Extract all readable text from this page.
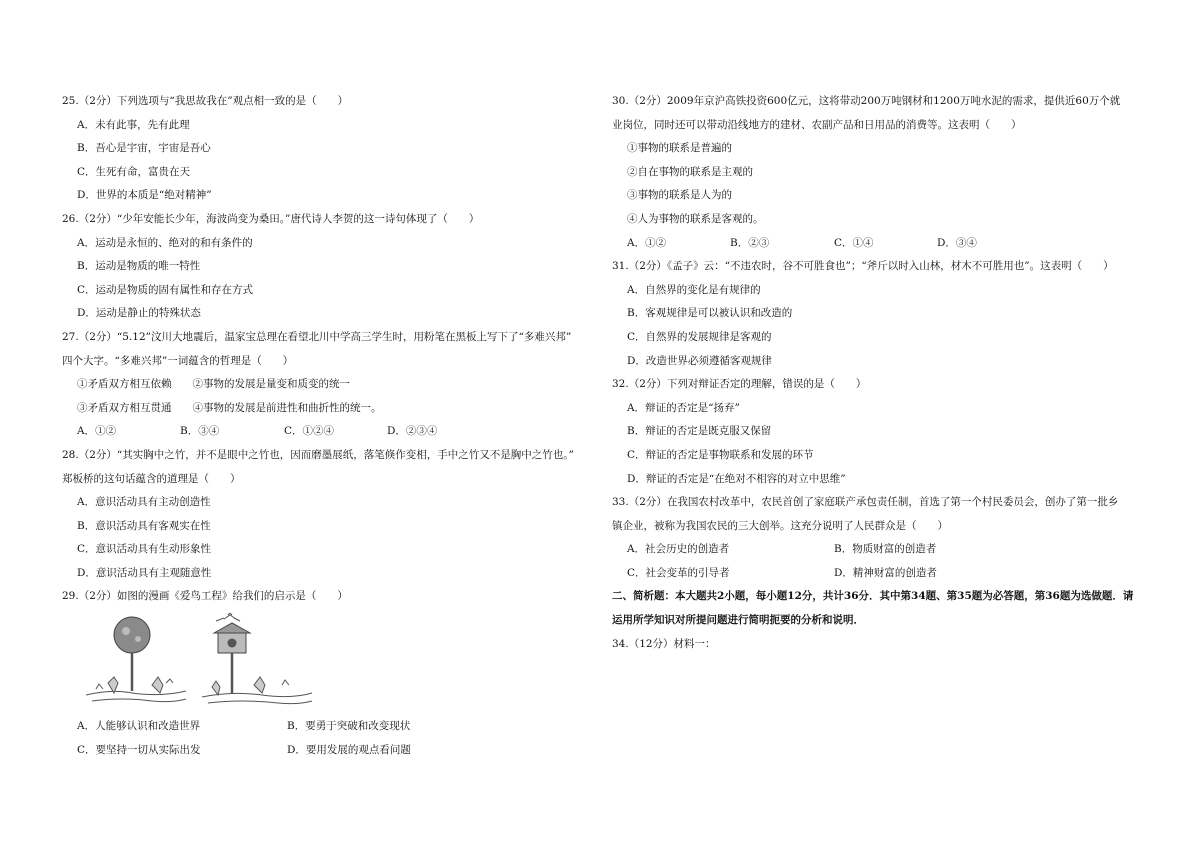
25.（2分）下列选项与“我思故我在”观点相一致的是（　　）
A．未有此事，先有此理
B．吾心是宇宙，宇宙是吾心
C．生死有命，富贵在天
D．世界的本质是“绝对精神”
26.（2分）“少年安能长少年，海波尚变为桑田。”唐代诗人李贺的这一诗句体现了（　　）
A．运动是永恒的、绝对的和有条件的
B．运动是物质的唯一特性
C．运动是物质的固有属性和存在方式
D．运动是静止的特殊状态
27.（2分）“5.12”汶川大地震后，温家宝总理在看望北川中学高三学生时，用粉笔在黑板上写下了“多难兴邦”
四个大字。“多难兴邦”一词蕴含的哲理是（　　）
①矛盾双方相互依赖　　②事物的发展是量变和质变的统一
③矛盾双方相互贯通　　④事物的发展是前进性和曲折性的统一。
A．①②	B．③④	C．①②④	D．②③④
28.（2分）“其实胸中之竹，并不是眼中之竹也，因而磨墨展纸，落笔倏作变相，手中之竹又不是胸中之竹也。”
郑板桥的这句话蕴含的道理是（　　）
A．意识活动具有主动创造性
B．意识活动具有客观实在性
C．意识活动具有生动形象性
D．意识活动具有主观随意性
29.（2分）如图的漫画《爱鸟工程》给我们的启示是（　　）
A．人能够认识和改造世界	B．要勇于突破和改变现状
C．要坚持一切从实际出发	D．要用发展的观点看问题
30.（2分）2009年京沪高铁投资600亿元，这将带动200万吨钢材和1200万吨水泥的需求，提供近60万个就
业岗位，同时还可以带动沿线地方的建材、农副产品和日用品的消费等。这表明（　　）
①事物的联系是普遍的
②自在事物的联系是主观的
③事物的联系是人为的
④人为事物的联系是客观的。
A．①②	B．②③	C．①④	D．③④
31.（2分）《孟子》云：“不违农时，谷不可胜食也”；“斧斤以时入山林，材木不可胜用也”。这表明（　　）
A．自然界的变化是有规律的
B．客观规律是可以被认识和改造的
C．自然界的发展规律是客观的
D．改造世界必须遵循客观规律
32.（2分）下列对辩证否定的理解，错误的是（　　）
A．辩证的否定是“扬弃”
B．辩证的否定是既克服又保留
C．辩证的否定是事物联系和发展的环节
D．辩证的否定是“在绝对不相容的对立中思维”
33.（2分）在我国农村改革中，农民首创了家庭联产承包责任制，首选了第一个村民委员会，创办了第一批乡
镇企业，被称为我国农民的三大创举。这充分说明了人民群众是（　　）
A．社会历史的创造者	B．物质财富的创造者
C．社会变革的引导者	D．精神财富的创造者
二、简析题：本大题共2小题，每小题12分，共计36分．其中第34题、第35题为必答题，第36题为选做题．请
运用所学知识对所提问题进行简明扼要的分析和说明．
34.（12分）材料一：
